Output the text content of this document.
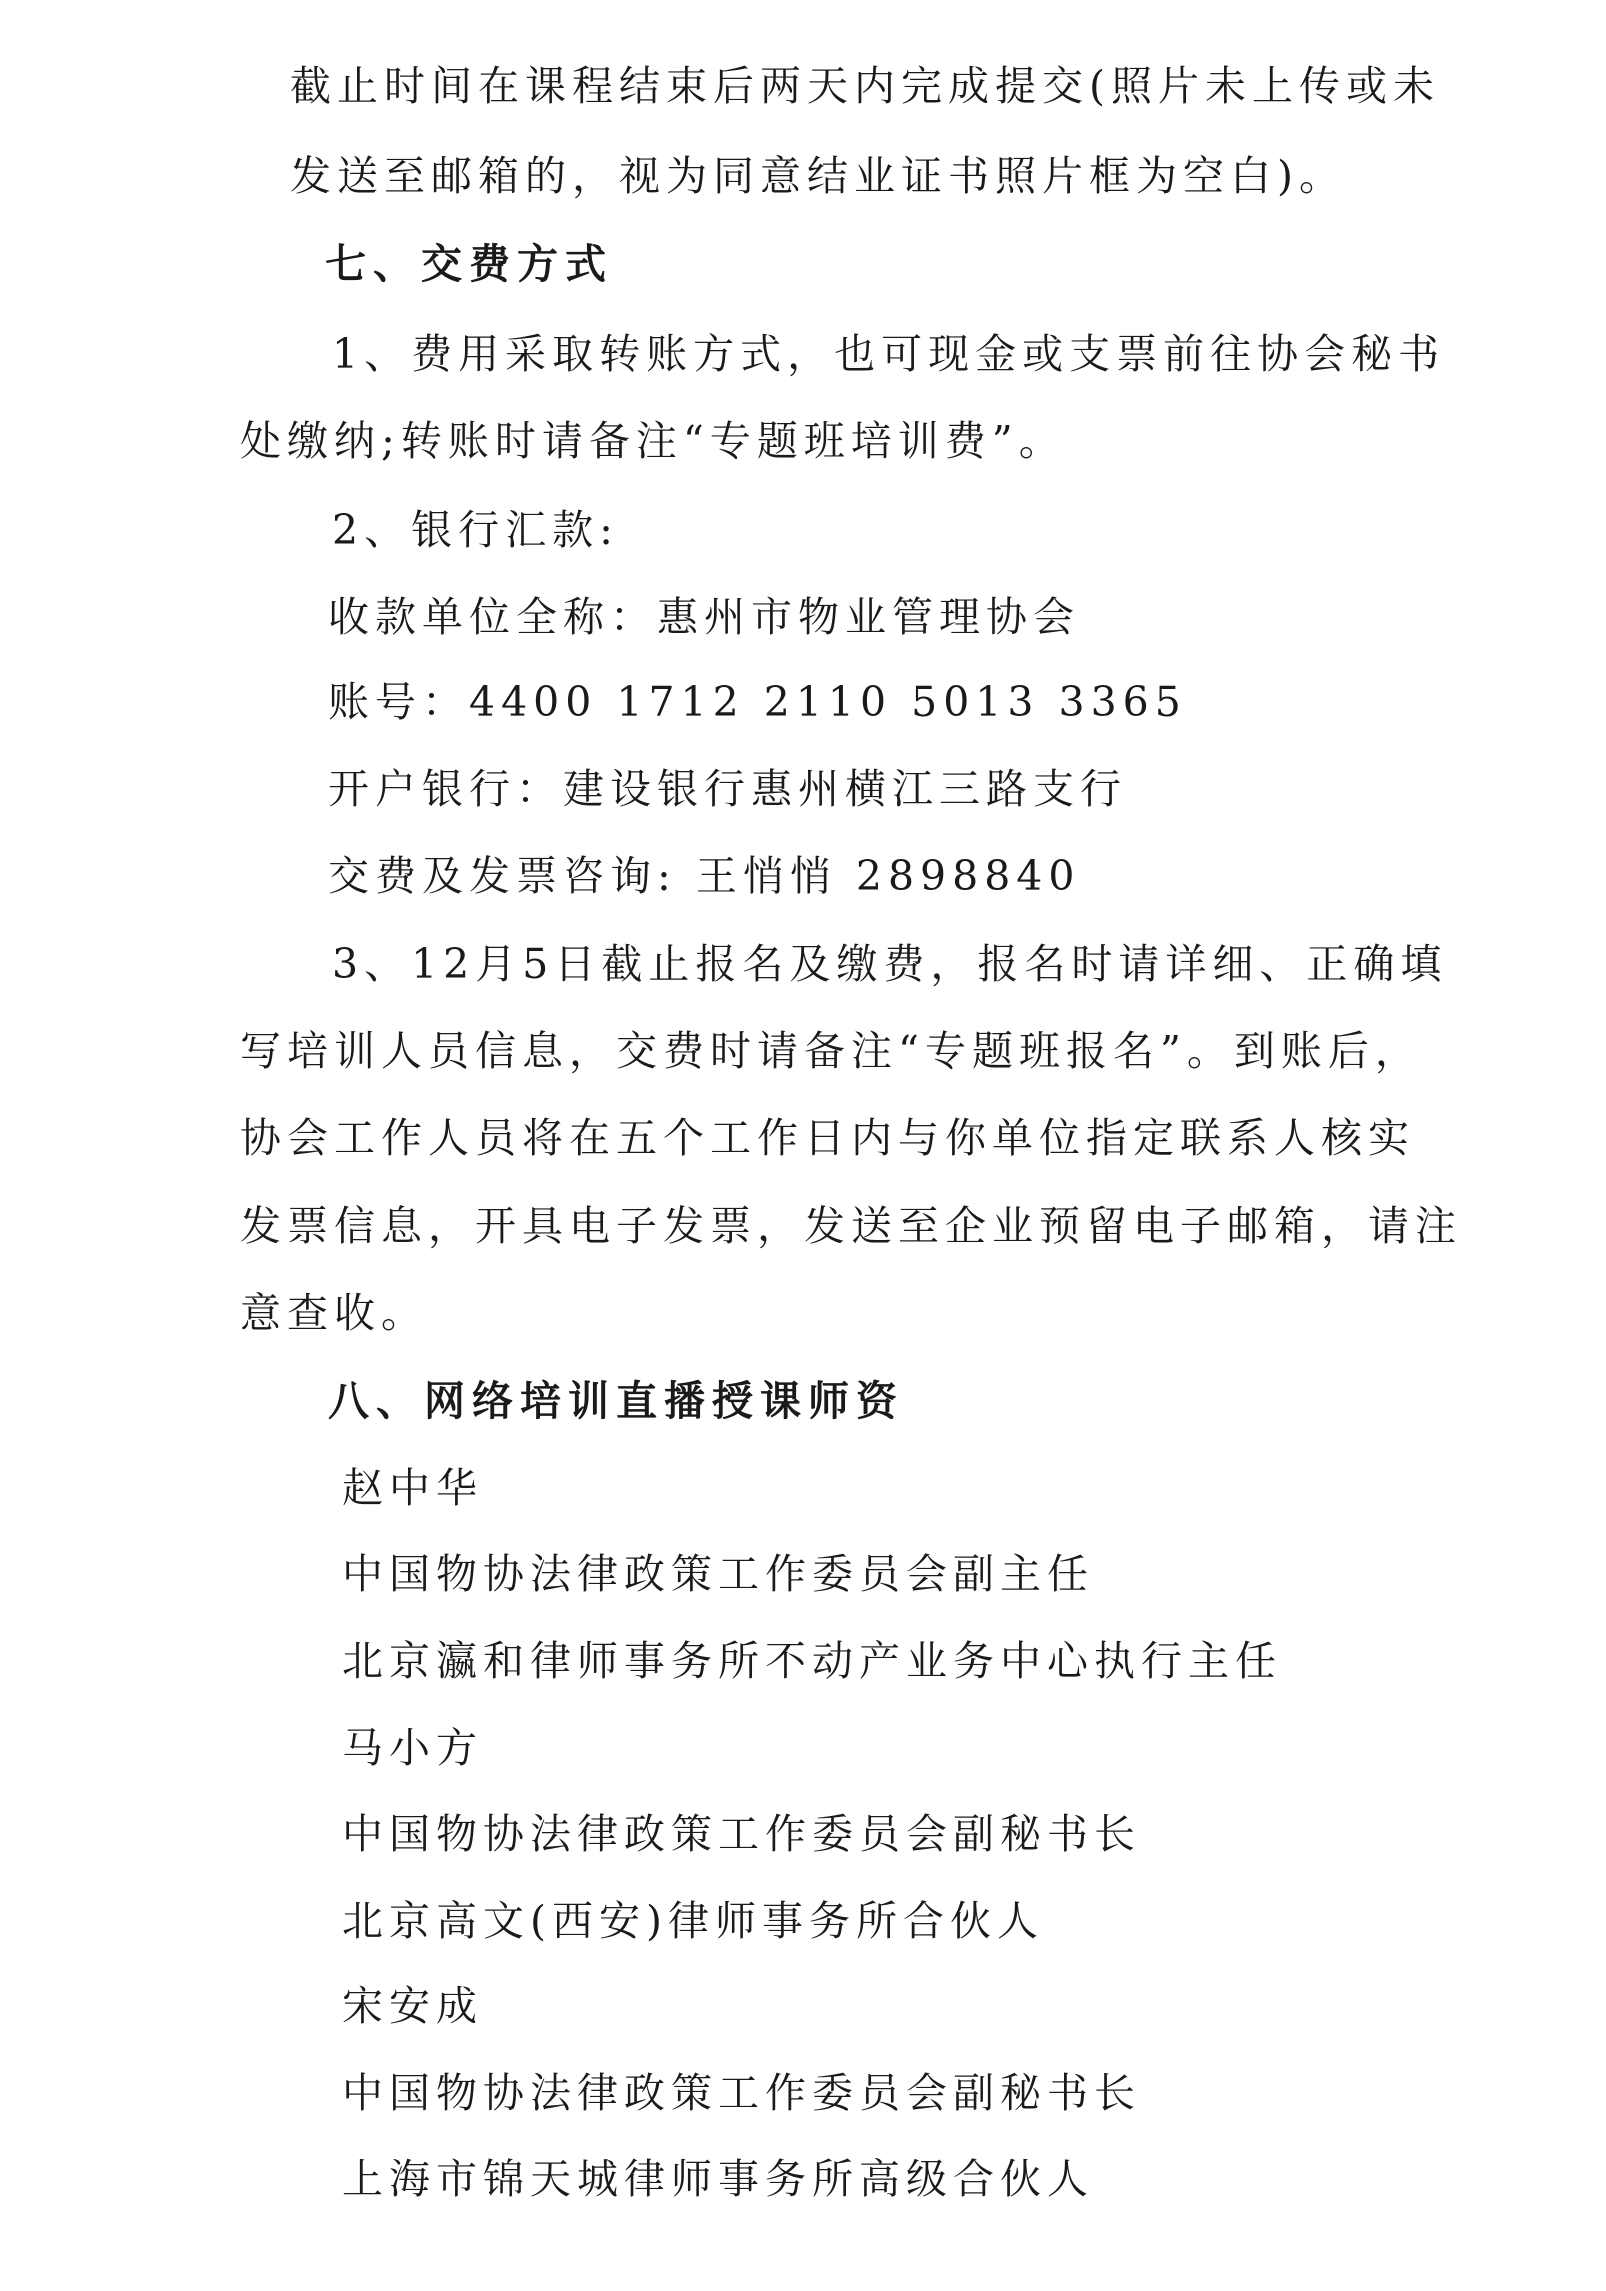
截止时间在课程结束后两天内完成提交(照片未上传或未
发送至邮箱的，视为同意结业证书照片框为空白)。
七、交费方式
1、费用采取转账方式，也可现金或支票前往协会秘书
处缴纳;转账时请备注“专题班培训费”。
2、银行汇款:
收款单位全称：惠州市物业管理协会
账号：4400 1712 2110 5013 3365
开户银行：建设银行惠州横江三路支行
交费及发票咨询: 王悄悄 2898840
3、12月5日截止报名及缴费，报名时请详细、正确填
写培训人员信息，交费时请备注“专题班报名”。到账后，
协会工作人员将在五个工作日内与你单位指定联系人核实
发票信息，开具电子发票，发送至企业预留电子邮箱，请注
意查收。
八、网络培训直播授课师资
赵中华
中国物协法律政策工作委员会副主任
北京瀛和律师事务所不动产业务中心执行主任
马小方
中国物协法律政策工作委员会副秘书长
北京高文(西安)律师事务所合伙人
宋安成
中国物协法律政策工作委员会副秘书长
上海市锦天城律师事务所高级合伙人
